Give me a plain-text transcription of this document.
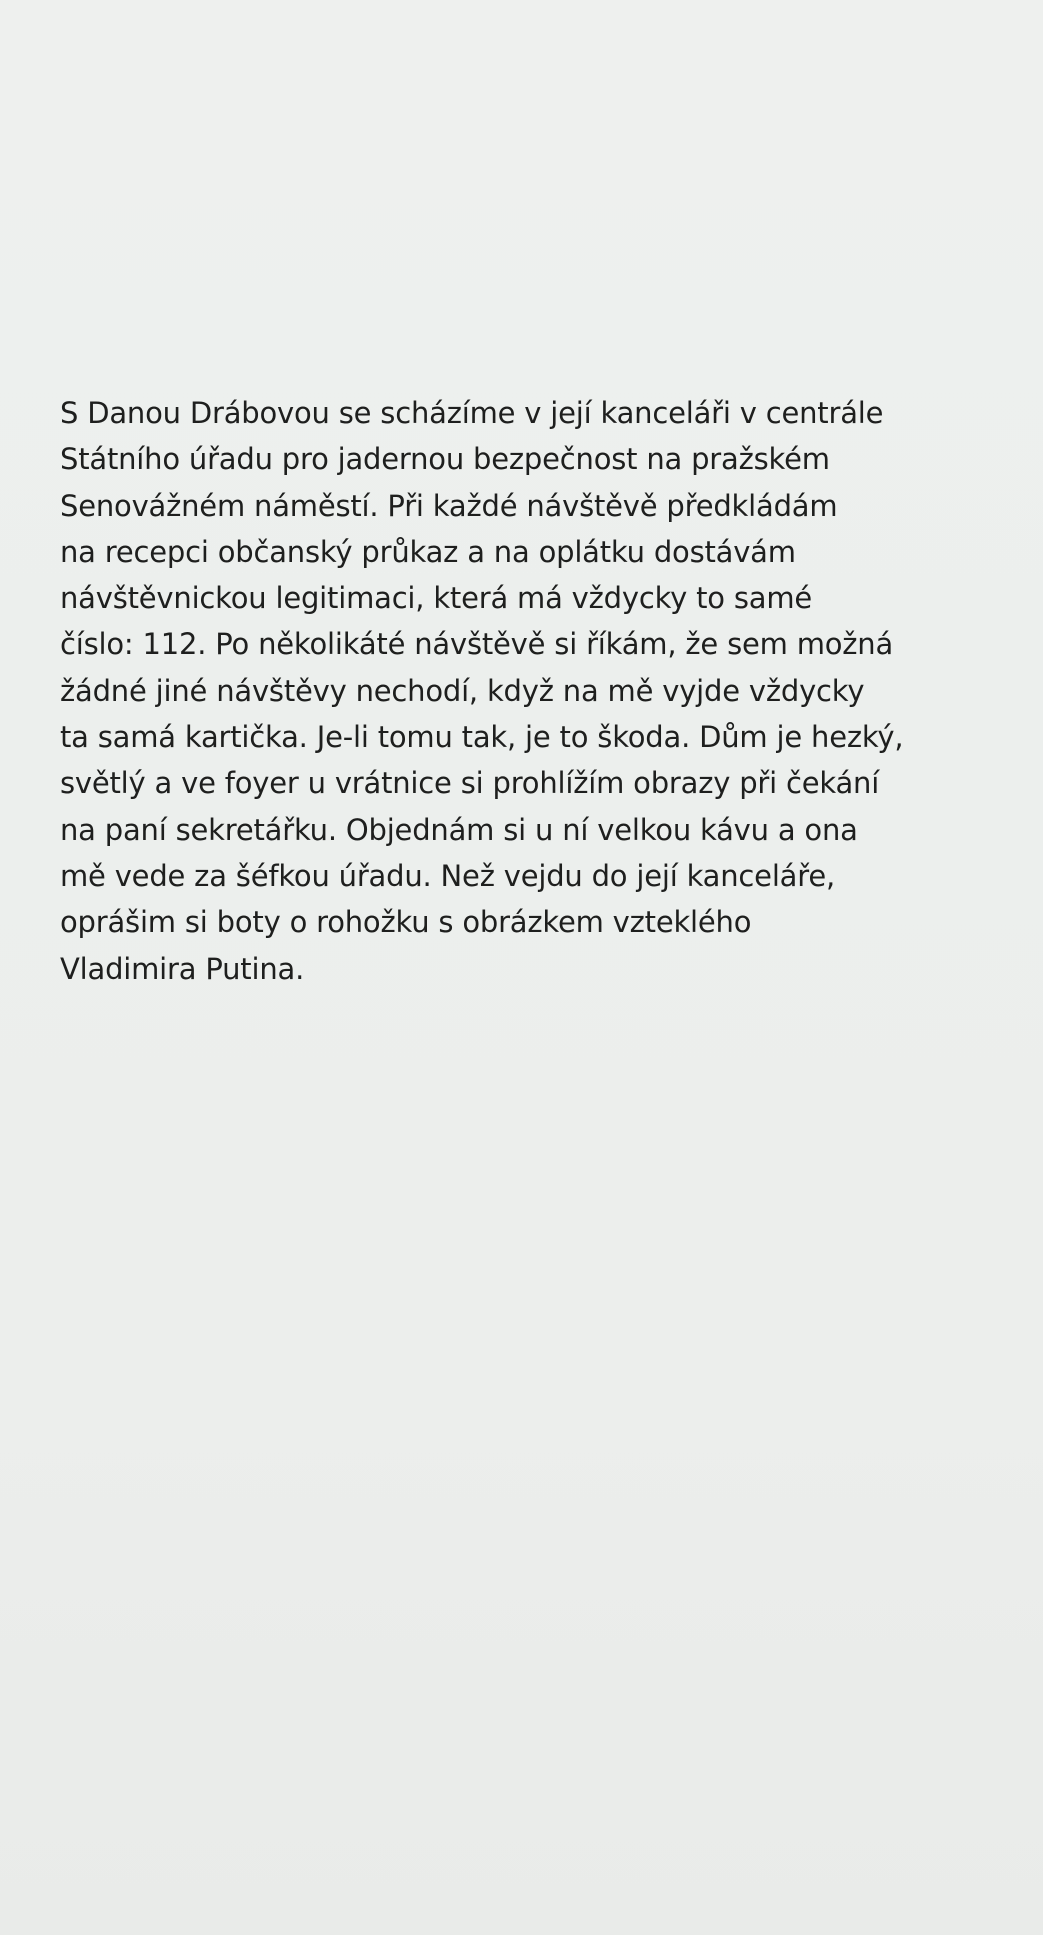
S Danou Drábovou se scházíme v její kanceláři v centrále
Státního úřadu pro jadernou bezpečnost na pražském
Senovážném náměstí. Při každé návštěvě předkládám
na recepci občanský průkaz a na oplátku dostávám
návštěvnickou legitimaci, která má vždycky to samé
číslo: 112. Po několikáté návštěvě si říkám, že sem možná
žádné jiné návštěvy nechodí, když na mě vyjde vždycky
ta samá kartička. Je-li tomu tak, je to škoda. Dům je hezký,
světlý a ve foyer u vrátnice si prohlížím obrazy při čekání
na paní sekretářku. Objednám si u ní velkou kávu a ona
mě vede za šéfkou úřadu. Než vejdu do její kanceláře,
oprášim si boty o rohožku s obrázkem vzteklého
Vladimira Putina.
